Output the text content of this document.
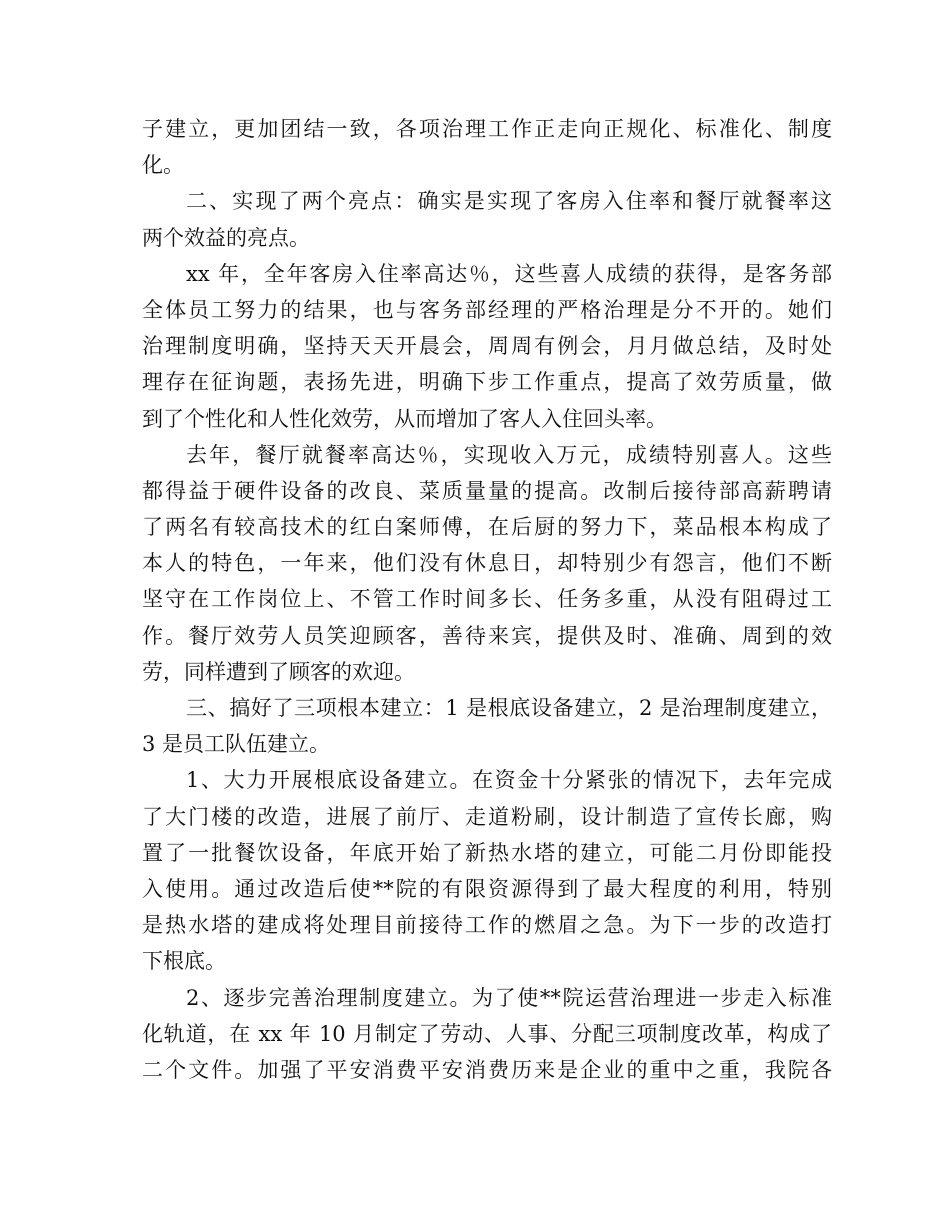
子建立，更加团结一致，各项治理工作正走向正规化、标准化、制度
化。
二、实现了两个亮点：确实是实现了客房入住率和餐厅就餐率这
两个效益的亮点。
xx 年，全年客房入住率高达％，这些喜人成绩的获得，是客务部
全体员工努力的结果，也与客务部经理的严格治理是分不开的。她们
治理制度明确，坚持天天开晨会，周周有例会，月月做总结，及时处
理存在征询题，表扬先进，明确下步工作重点，提高了效劳质量，做
到了个性化和人性化效劳，从而增加了客人入住回头率。
去年，餐厅就餐率高达％，实现收入万元，成绩特别喜人。这些
都得益于硬件设备的改良、菜质量量的提高。改制后接待部高薪聘请
了两名有较高技术的红白案师傅，在后厨的努力下，菜品根本构成了
本人的特色，一年来，他们没有休息日，却特别少有怨言，他们不断
坚守在工作岗位上、不管工作时间多长、任务多重，从没有阻碍过工
作。餐厅效劳人员笑迎顾客，善待来宾，提供及时、准确、周到的效
劳，同样遭到了顾客的欢迎。
三、搞好了三项根本建立：1 是根底设备建立，2 是治理制度建立，
3 是员工队伍建立。
1、大力开展根底设备建立。在资金十分紧张的情况下，去年完成
了大门楼的改造，进展了前厅、走道粉刷，设计制造了宣传长廊，购
置了一批餐饮设备，年底开始了新热水塔的建立，可能二月份即能投
入使用。通过改造后使**院的有限资源得到了最大程度的利用，特别
是热水塔的建成将处理目前接待工作的燃眉之急。为下一步的改造打
下根底。
2、逐步完善治理制度建立。为了使**院运营治理进一步走入标准
化轨道，在 xx 年 10 月制定了劳动、人事、分配三项制度改革，构成了
二个文件。加强了平安消费平安消费历来是企业的重中之重，我院各
